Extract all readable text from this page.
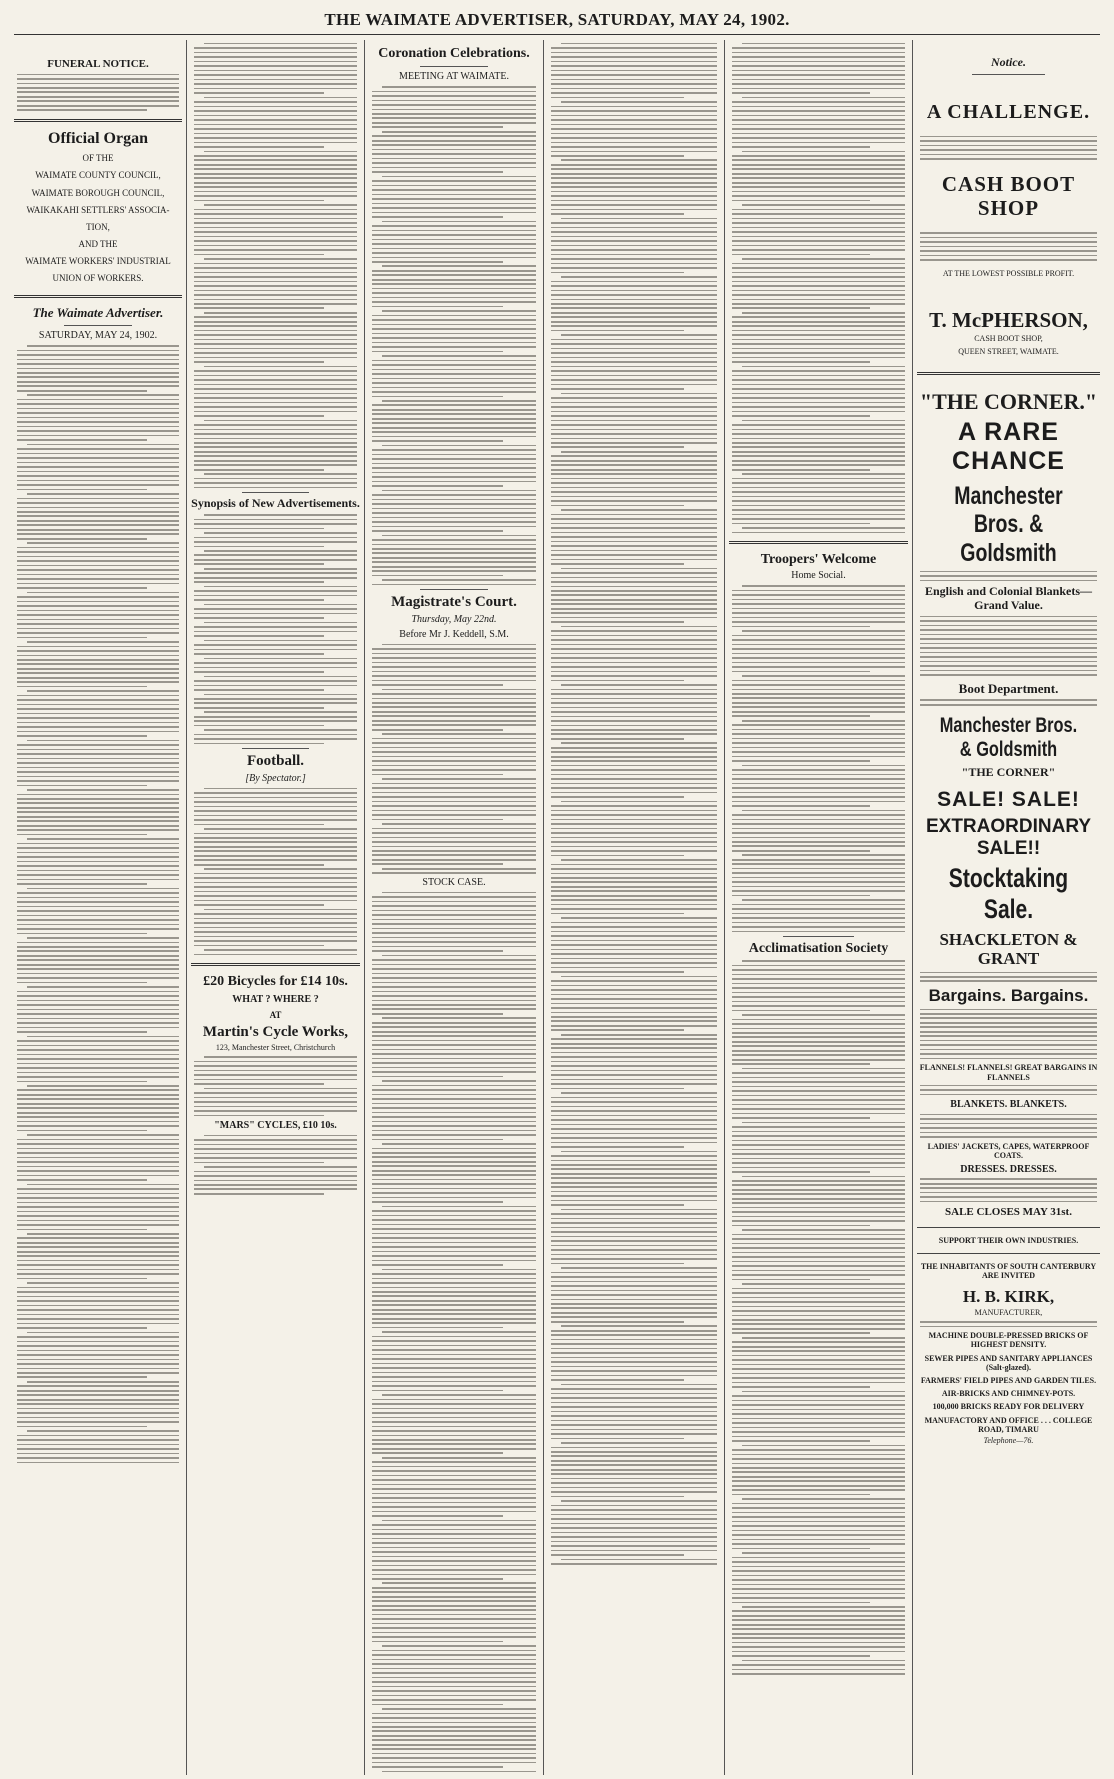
THE WAIMATE ADVERTISER, SATURDAY, MAY 24, 1902.
FUNERAL NOTICE.
Official Organ
OF THE
WAIMATE COUNTY COUNCIL,
WAIMATE BOROUGH COUNCIL,
WAIKAKAHI SETTLERS' ASSOCIA-
TION,
AND THE
WAIMATE WORKERS' INDUSTRIAL
UNION OF WORKERS.
The Waimate Advertiser.
SATURDAY, MAY 24, 1902.
Synopsis of New Advertisements.
Football.
[By Spectator.]
£20 Bicycles for £14 10s.
WHAT ? WHERE ?
AT
Martin's Cycle Works,
123, Manchester Street, Christchurch
"MARS" CYCLES, £10 10s.
Coronation Celebrations.
MEETING AT WAIMATE.
Magistrate's Court.
Thursday, May 22nd.
Before Mr J. Keddell, S.M.
STOCK CASE.
Troopers' Welcome
Home Social.
Acclimatisation Society
Notice.
A CHALLENGE.
CASH BOOT SHOP
AT THE LOWEST POSSIBLE PROFIT.
T. McPHERSON,
CASH BOOT SHOP,
QUEEN STREET, WAIMATE.
"THE CORNER."
A RARE CHANCE
Manchester Bros. & Goldsmith
English and Colonial Blankets—Grand Value.
Boot Department.
Manchester Bros. & Goldsmith
"THE CORNER"
SALE! SALE!
EXTRAORDINARY SALE!!
Stocktaking Sale.
SHACKLETON & GRANT
Bargains. Bargains.
FLANNELS! FLANNELS! GREAT BARGAINS IN FLANNELS
BLANKETS. BLANKETS.
LADIES' JACKETS, CAPES, WATERPROOF COATS.
DRESSES. DRESSES.
SALE CLOSES MAY 31st.
SUPPORT THEIR OWN INDUSTRIES.
THE INHABITANTS OF SOUTH CANTERBURY ARE INVITED
H. B. KIRK,
MANUFACTURER,
MACHINE DOUBLE-PRESSED BRICKS OF HIGHEST DENSITY.
SEWER PIPES AND SANITARY APPLIANCES (Salt-glazed).
FARMERS' FIELD PIPES AND GARDEN TILES.
AIR-BRICKS AND CHIMNEY-POTS.
100,000 BRICKS READY FOR DELIVERY
MANUFACTORY AND OFFICE . . . COLLEGE ROAD, TIMARU
Telephone—76.
